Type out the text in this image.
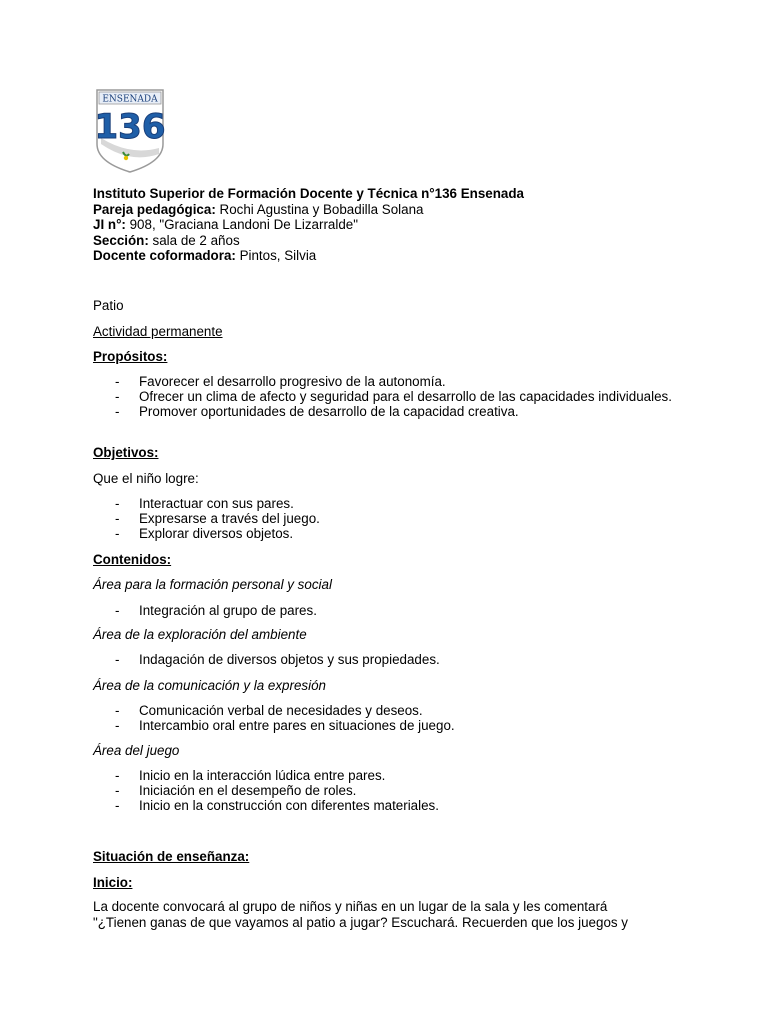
ENSENADA
136
Instituto Superior de Formación Docente y Técnica n°136 Ensenada
Pareja pedagógica: Rochi Agustina y Bobadilla Solana
JI n°: 908, "Graciana Landoni De Lizarralde"
Sección: sala de 2 años
Docente coformadora: Pintos, Silvia
Patio
Actividad permanente
Propósitos:
- Favorecer el desarrollo progresivo de la autonomía.
- Ofrecer un clima de afecto y seguridad para el desarrollo de las capacidades individuales.
- Promover oportunidades de desarrollo de la capacidad creativa.
Objetivos:
Que el niño logre:
- Interactuar con sus pares.
- Expresarse a través del juego.
- Explorar diversos objetos.
Contenidos:
Área para la formación personal y social
- Integración al grupo de pares.
Área de la exploración del ambiente
- Indagación de diversos objetos y sus propiedades.
Área de la comunicación y la expresión
- Comunicación verbal de necesidades y deseos.
- Intercambio oral entre pares en situaciones de juego.
Área del juego
- Inicio en la interacción lúdica entre pares.
- Iniciación en el desempeño de roles.
- Inicio en la construcción con diferentes materiales.
Situación de enseñanza:
Inicio:
La docente convocará al grupo de niños y niñas en un lugar de la sala y les comentará
"¿Tienen ganas de que vayamos al patio a jugar? Escuchará. Recuerden que los juegos y
